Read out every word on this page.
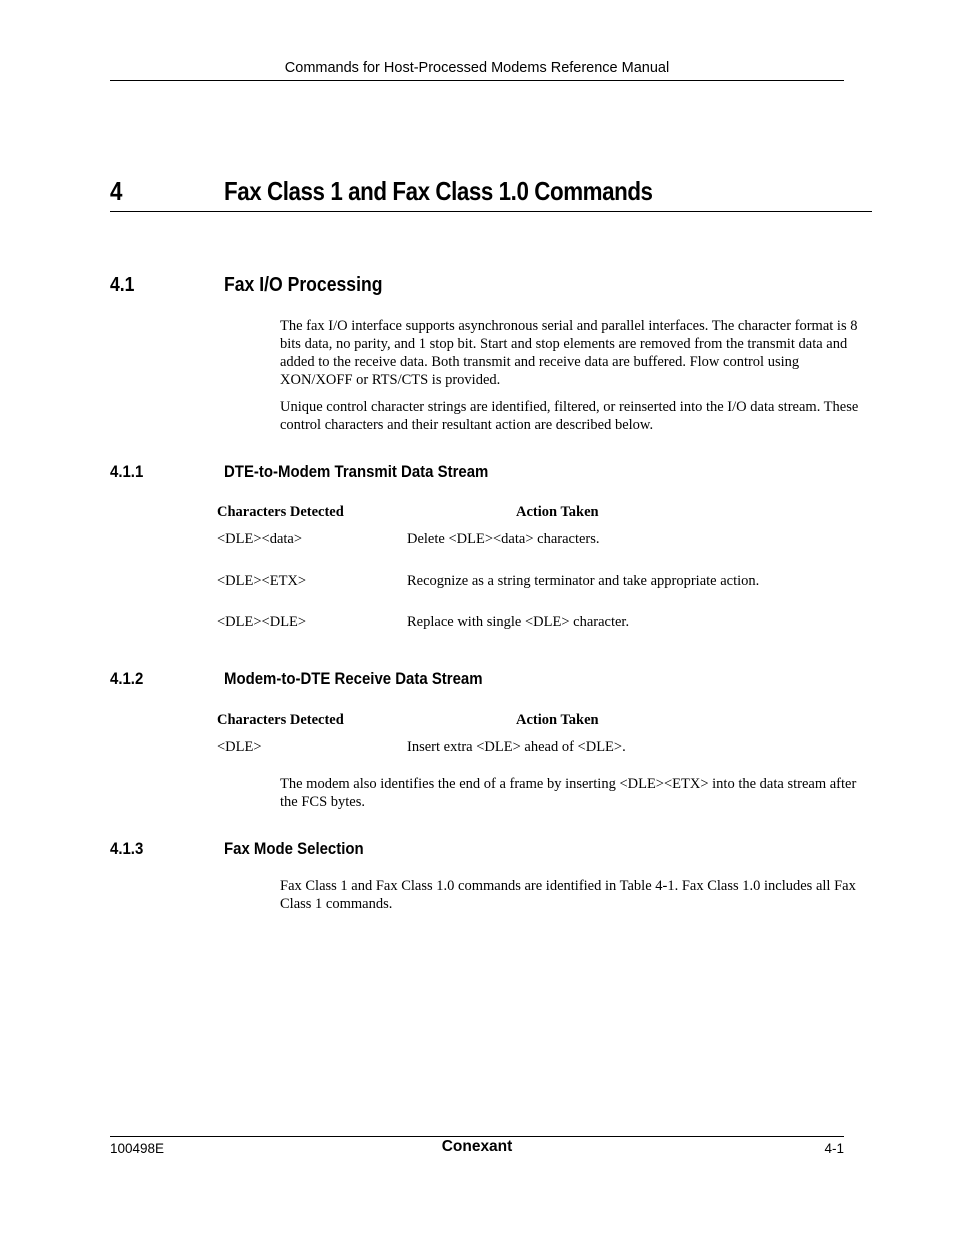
Commands for Host-Processed Modems Reference Manual
4	Fax Class 1 and Fax Class 1.0 Commands
4.1	Fax I/O Processing
The fax I/O interface supports asynchronous serial and parallel interfaces. The character format is 8 bits data, no parity, and 1 stop bit. Start and stop elements are removed from the transmit data and added to the receive data. Both transmit and receive data are buffered. Flow control using XON/XOFF or RTS/CTS is provided.
Unique control character strings are identified, filtered, or reinserted into the I/O data stream. These control characters and their resultant action are described below.
4.1.1	DTE-to-Modem Transmit Data Stream
Characters Detected	Action Taken
<DLE><data>	Delete <DLE><data> characters.
<DLE><ETX>	Recognize as a string terminator and take appropriate action.
<DLE><DLE>	Replace with single <DLE> character.
4.1.2	Modem-to-DTE Receive Data Stream
Characters Detected	Action Taken
<DLE>	Insert extra <DLE> ahead of <DLE>.
The modem also identifies the end of a frame by inserting <DLE><ETX> into the data stream after the FCS bytes.
4.1.3	Fax Mode Selection
Fax Class 1 and Fax Class 1.0 commands are identified in Table 4-1. Fax Class 1.0 includes all Fax Class 1 commands.
100498E	Conexant	4-1
